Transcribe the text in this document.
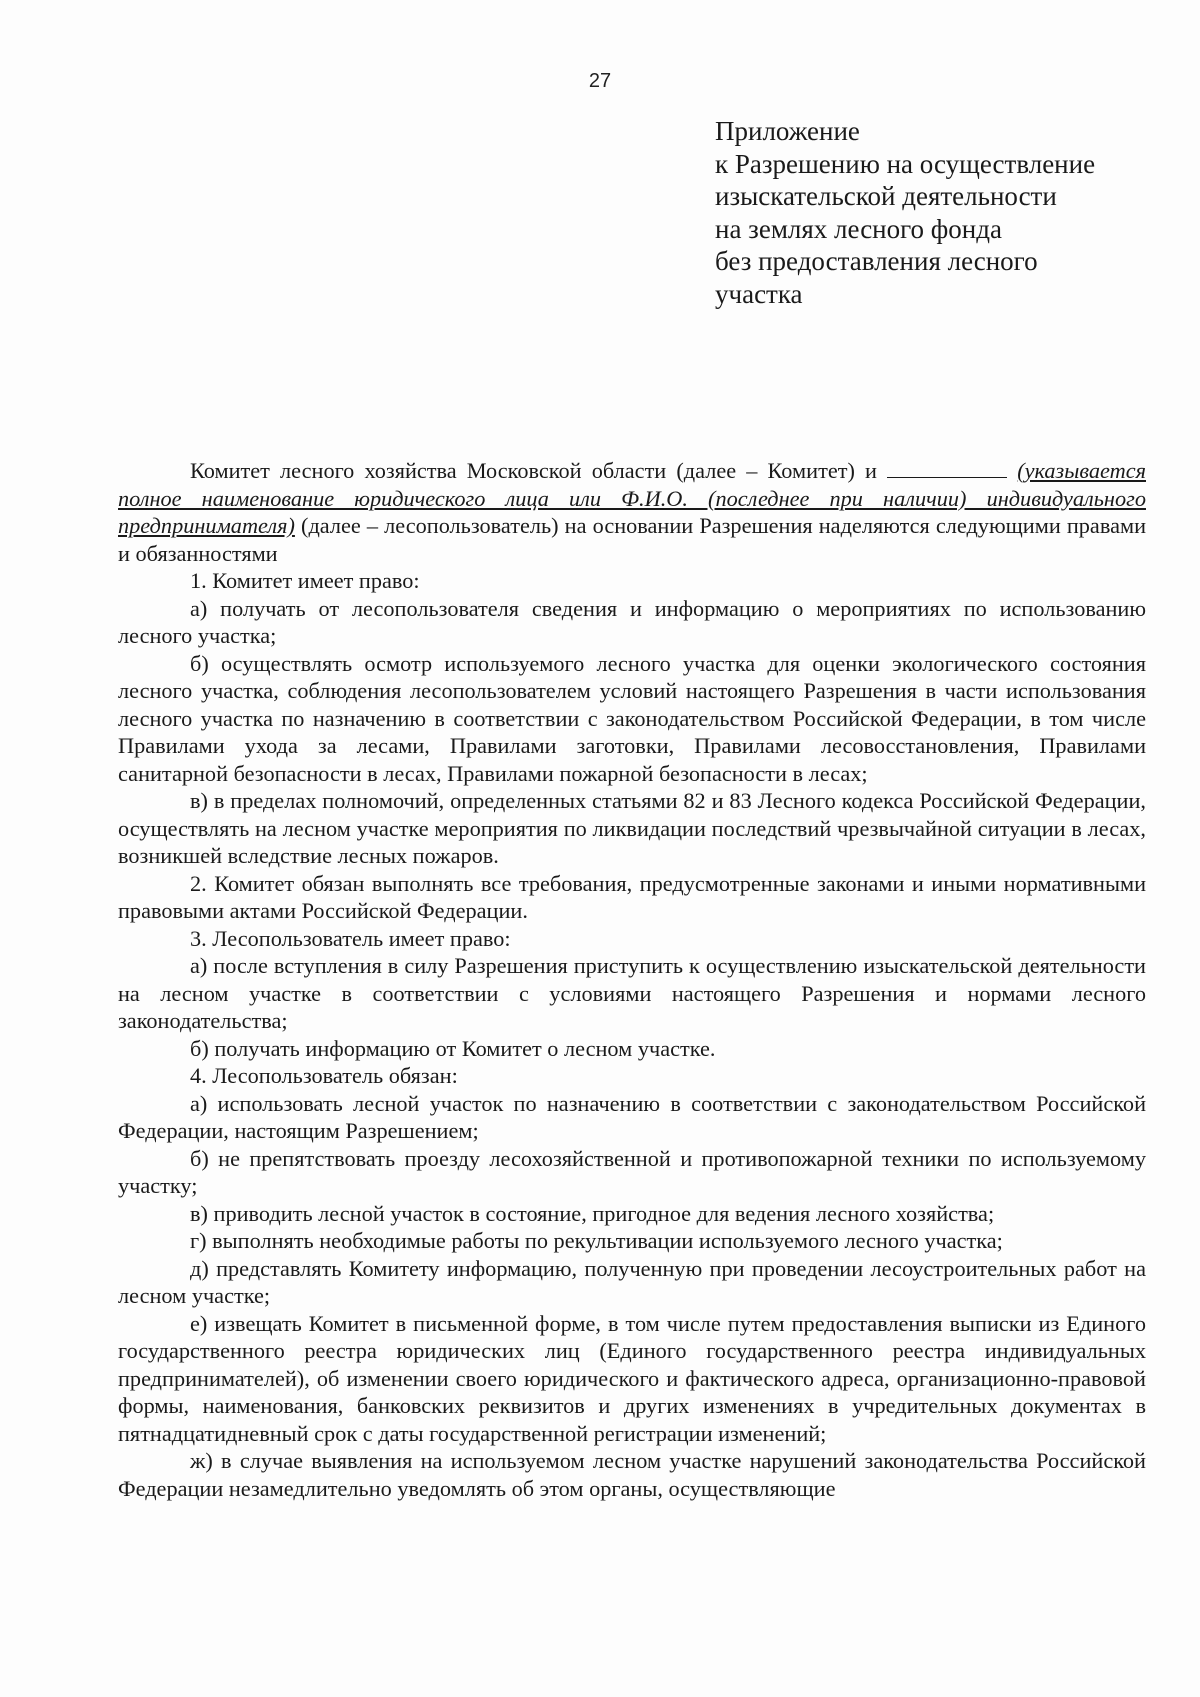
27
Приложение
к Разрешению на осуществление
изыскательской деятельности
на землях лесного фонда
без предоставления лесного
участка

Комитет лесного хозяйства Московской области (далее – Комитет) и	(указывается полное наименование юридического лица или Ф.И.О. (последнее при наличии) индивидуального предпринимателя) (далее – лесопользователь) на основании Разрешения наделяются следующими правами и обязанностями

1. Комитет имеет право:

а) получать от лесопользователя сведения и информацию о мероприятиях по использованию лесного участка;

б) осуществлять осмотр используемого лесного участка для оценки экологического состояния лесного участка, соблюдения лесопользователем условий настоящего Разрешения в части использования лесного участка по назначению в соответствии с законодательством Российской Федерации, в том числе Правилами ухода за лесами, Правилами заготовки, Правилами лесовосстановления, Правилами санитарной безопасности в лесах, Правилами пожарной безопасности в лесах;

в) в пределах полномочий, определенных статьями 82 и 83 Лесного кодекса Российской Федерации, осуществлять на лесном участке мероприятия по ликвидации последствий чрезвычайной ситуации в лесах, возникшей вследствие лесных пожаров.

2. Комитет обязан выполнять все требования, предусмотренные законами и иными нормативными правовыми актами Российской Федерации.

3. Лесопользователь имеет право:

а) после вступления в силу Разрешения приступить к осуществлению изыскательской деятельности на лесном участке в соответствии с условиями настоящего Разрешения и нормами лесного законодательства;

б) получать информацию от Комитет о лесном участке.

4. Лесопользователь обязан:

а) использовать лесной участок по назначению в соответствии с законодательством Российской Федерации, настоящим Разрешением;

б) не препятствовать проезду лесохозяйственной и противопожарной техники по используемому участку;

в) приводить лесной участок в состояние, пригодное для ведения лесного хозяйства;

г) выполнять необходимые работы по рекультивации используемого лесного участка;

д) представлять Комитету информацию, полученную при проведении лесоустроительных работ на лесном участке;

е) извещать Комитет в письменной форме, в том числе путем предоставления выписки из Единого государственного реестра юридических лиц (Единого государственного реестра индивидуальных предпринимателей), об изменении своего юридического и фактического адреса, организационно-правовой формы, наименования, банковских реквизитов и других изменениях в учредительных документах в пятнадцатидневный срок с даты государственной регистрации изменений;

ж) в случае выявления на используемом лесном участке нарушений законодательства Российской Федерации незамедлительно уведомлять об этом органы, осуществляющие
